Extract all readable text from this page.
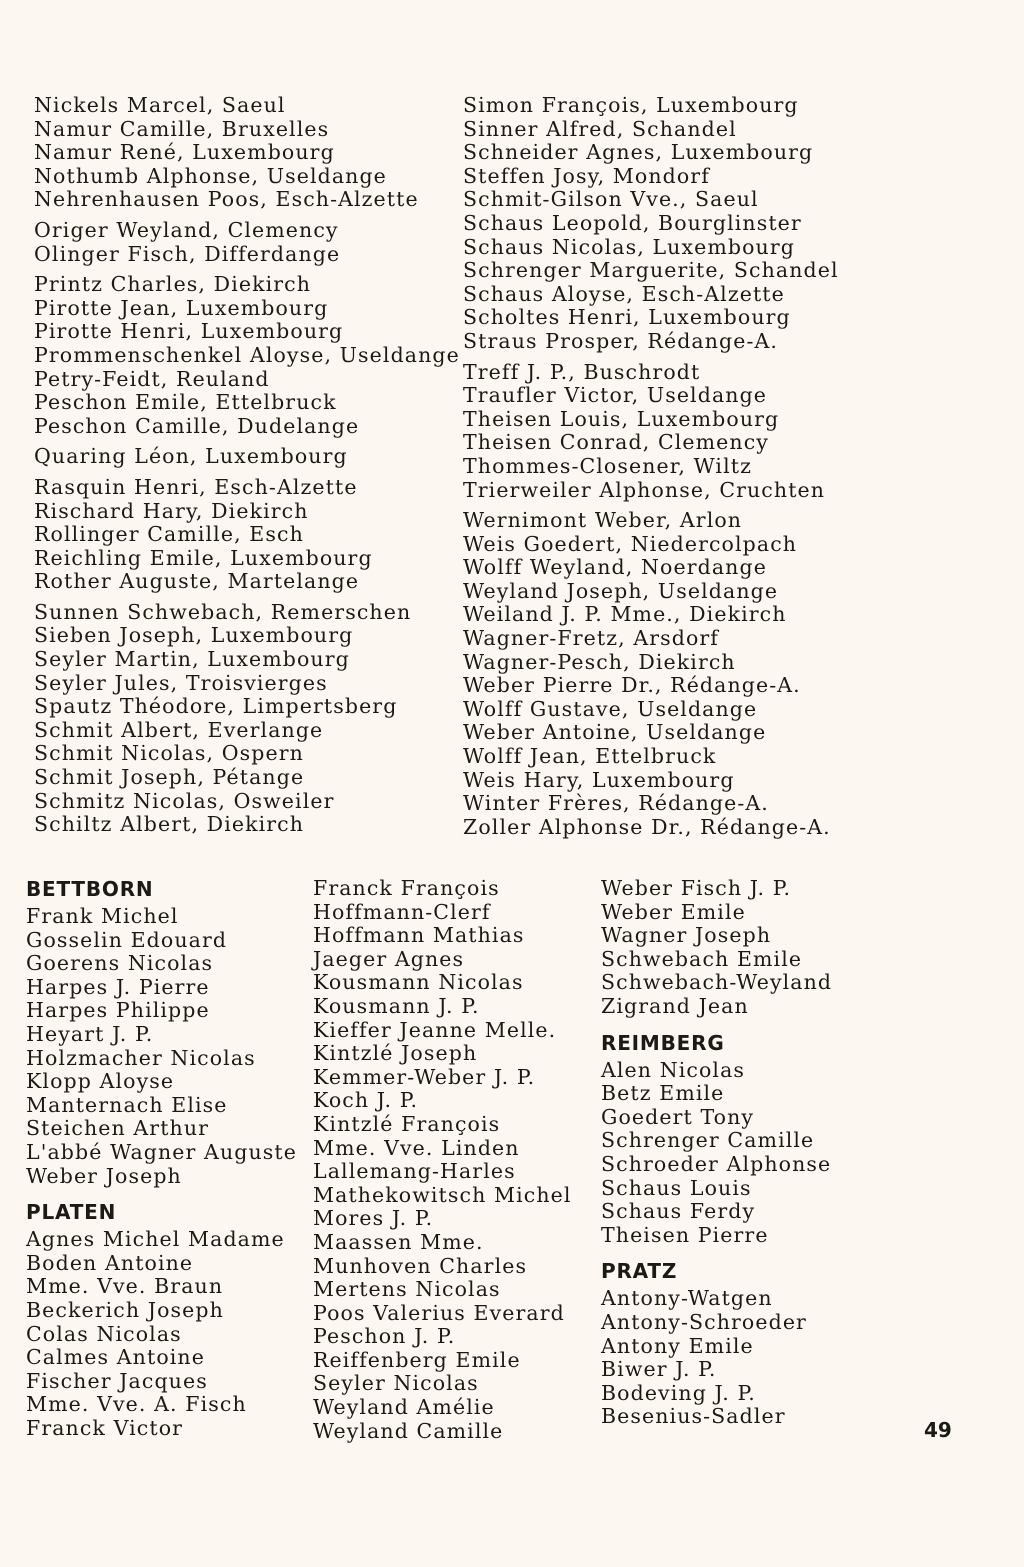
Nickels Marcel, Saeul
Namur Camille, Bruxelles
Namur René, Luxembourg
Nothumb Alphonse, Useldange
Nehrenhausen Poos, Esch-Alzette
Origer Weyland, Clemency
Olinger Fisch, Differdange
Printz Charles, Diekirch
Pirotte Jean, Luxembourg
Pirotte Henri, Luxembourg
Prommenschenkel Aloyse, Useldange
Petry-Feidt, Reuland
Peschon Emile, Ettelbruck
Peschon Camille, Dudelange
Quaring Léon, Luxembourg
Rasquin Henri, Esch-Alzette
Rischard Hary, Diekirch
Rollinger Camille, Esch
Reichling Emile, Luxembourg
Rother Auguste, Martelange
Sunnen Schwebach, Remerschen
Sieben Joseph, Luxembourg
Seyler Martin, Luxembourg
Seyler Jules, Troisvierges
Spautz Théodore, Limpertsberg
Schmit Albert, Everlange
Schmit Nicolas, Ospern
Schmit Joseph, Pétange
Schmitz Nicolas, Osweiler
Schiltz Albert, Diekirch
Simon François, Luxembourg
Sinner Alfred, Schandel
Schneider Agnes, Luxembourg
Steffen Josy, Mondorf
Schmit-Gilson Vve., Saeul
Schaus Leopold, Bourglinster
Schaus Nicolas, Luxembourg
Schrenger Marguerite, Schandel
Schaus Aloyse, Esch-Alzette
Scholtes Henri, Luxembourg
Straus Prosper, Rédange-A.
Treff J. P., Buschrodt
Traufler Victor, Useldange
Theisen Louis, Luxembourg
Theisen Conrad, Clemency
Thommes-Closener, Wiltz
Trierweiler Alphonse, Cruchten
Wernimont Weber, Arlon
Weis Goedert, Niedercolpach
Wolff Weyland, Noerdange
Weyland Joseph, Useldange
Weiland J. P. Mme., Diekirch
Wagner-Fretz, Arsdorf
Wagner-Pesch, Diekirch
Weber Pierre Dr., Rédange-A.
Wolff Gustave, Useldange
Weber Antoine, Useldange
Wolff Jean, Ettelbruck
Weis Hary, Luxembourg
Winter Frères, Rédange-A.
Zoller Alphonse Dr., Rédange-A.
BETTBORN
Frank Michel
Gosselin Edouard
Goerens Nicolas
Harpes J. Pierre
Harpes Philippe
Heyart J. P.
Holzmacher Nicolas
Klopp Aloyse
Manternach Elise
Steichen Arthur
L'abbé Wagner Auguste
Weber Joseph
PLATEN
Agnes Michel Madame
Boden Antoine
Mme. Vve. Braun
Beckerich Joseph
Colas Nicolas
Calmes Antoine
Fischer Jacques
Mme. Vve. A. Fisch
Franck Victor
Franck François
Hoffmann-Clerf
Hoffmann Mathias
Jaeger Agnes
Kousmann Nicolas
Kousmann J. P.
Kieffer Jeanne Melle.
Kintzlé Joseph
Kemmer-Weber J. P.
Koch J. P.
Kintzlé François
Mme. Vve. Linden
Lallemang-Harles
Mathekowitsch Michel
Mores J. P.
Maassen Mme.
Munhoven Charles
Mertens Nicolas
Poos Valerius Everard
Peschon J. P.
Reiffenberg Emile
Seyler Nicolas
Weyland Amélie
Weyland Camille
Weber Fisch J. P.
Weber Emile
Wagner Joseph
Schwebach Emile
Schwebach-Weyland
Zigrand Jean
REIMBERG
Alen Nicolas
Betz Emile
Goedert Tony
Schrenger Camille
Schroeder Alphonse
Schaus Louis
Schaus Ferdy
Theisen Pierre
PRATZ
Antony-Watgen
Antony-Schroeder
Antony Emile
Biwer J. P.
Bodeving J. P.
Besenius-Sadler
49
